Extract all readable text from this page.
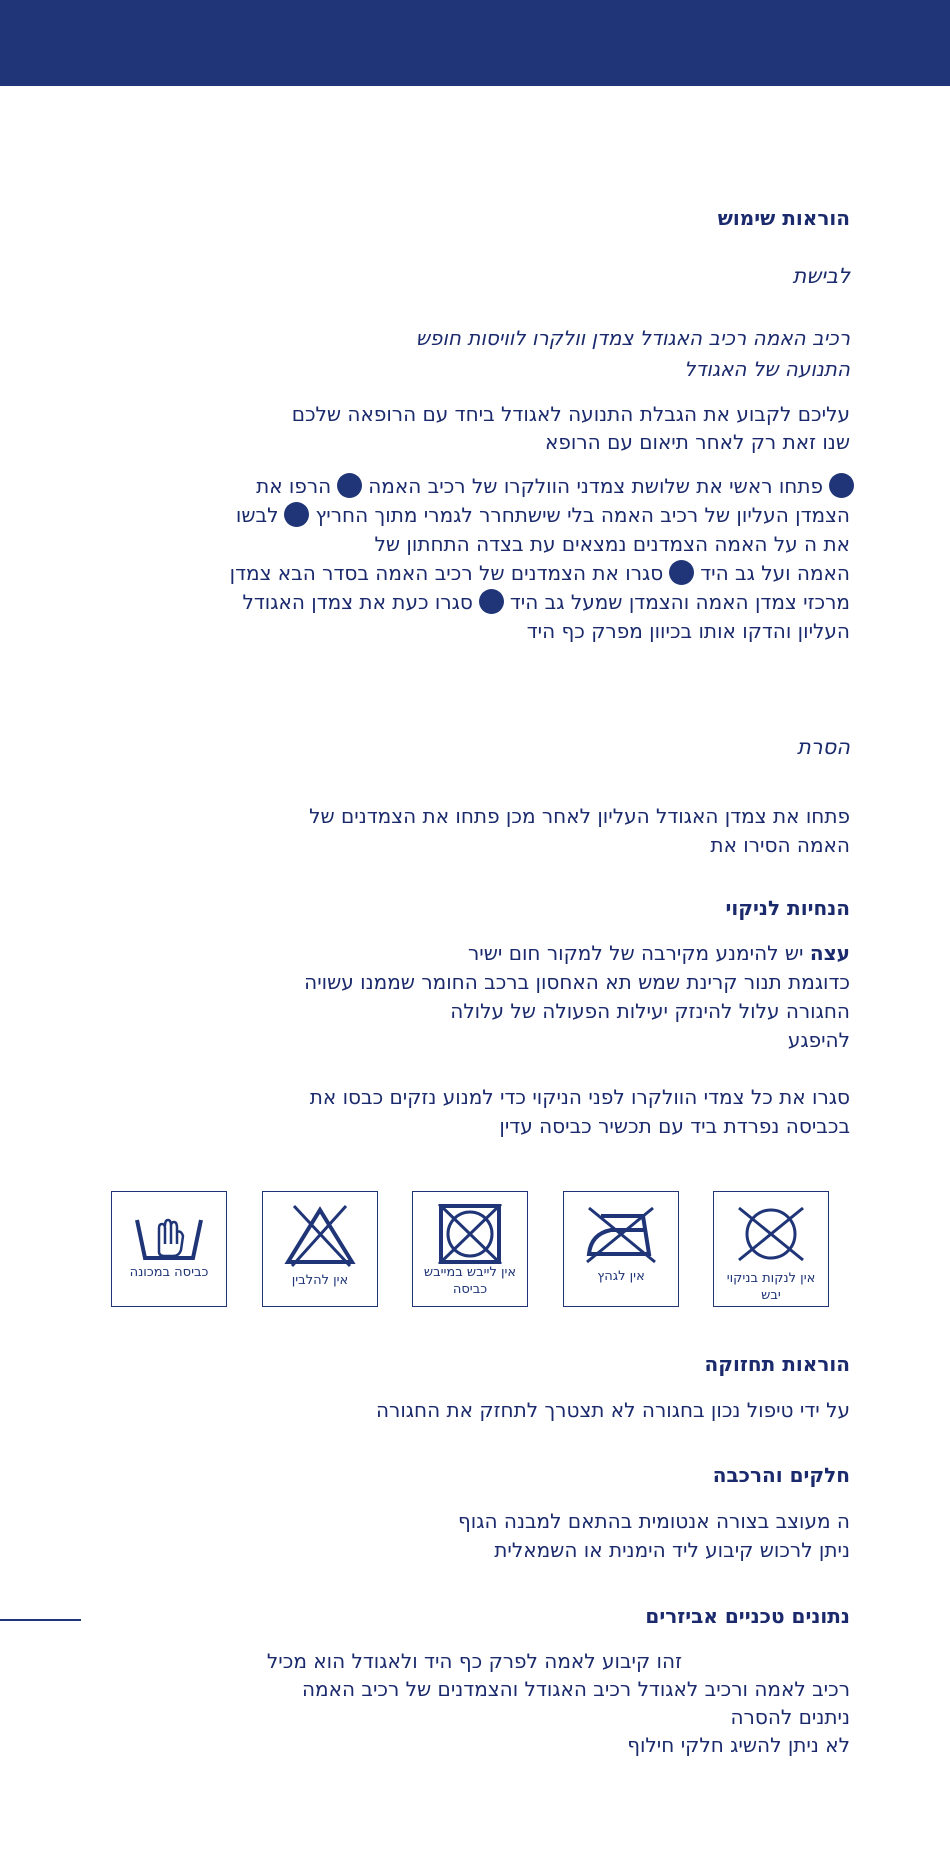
הוראות שימוש
לבישת
רכיב האמה רכיב האגודל צמדן וולקרו לוויסות חופש
התנועה של האגודל
עליכם לקבוע את הגבלת התנועה לאגודל ביחד עם הרופאה שלכם
שנו זאת רק לאחר תיאום עם הרופא
פתחו ראשי את שלושת צמדני הוולקרו של רכיב האמההרפו את
הצמדן העליון של רכיב האמה בלי שישתחרר לגמרי מתוך החריץלבשו
את ה על האמה הצמדנים נמצאים עת בצדה התחתון של
האמה ועל גב הידסגרו את הצמדנים של רכיב האמה בסדר הבא צמדן
מרכזי צמדן האמה והצמדן שמעל גב הידסגרו כעת את צמדן האגודל
העליון והדקו אותו בכיוון מפרק כף היד
הסרת
פתחו את צמדן האגודל העליון לאחר מכן פתחו את הצמדנים של
האמה הסירו את
הנחיות לניקוי
עצה יש להימנע מקירבה של למקור חום ישיר
כדוגמת תנור קרינת שמש תא האחסון ברכב החומר שממנו עשויה
החגורה עלול להינזק יעילות הפעולה של עלולה
להיפגע
סגרו את כל צמדי הוולקרו לפני הניקוי כדי למנוע נזקים כבסו את
בכביסה נפרדת ביד עם תכשיר כביסה עדין
הוראות תחזוקה
על ידי טיפול נכון בחגורה לא תצטרך לתחזק את החגורה
חלקים והרכבה
ה מעוצב בצורה אנטומית בהתאם למבנה הגוף
ניתן לרכוש קיבוע ליד הימנית או השמאלית
נתונים טכניים אביזרים
זהו קיבוע לאמה לפרק כף היד ולאגודל הוא מכיל
רכיב לאמה ורכיב לאגודל רכיב האגודל והצמדנים של רכיב האמה
ניתנים להסרה
לא ניתן להשיג חלקי חילוף
כביסה במכונה
אין להלבין
אין לייבש במייבש כביסה
אין לגהץ	אין לנקות בניקוי יבש
